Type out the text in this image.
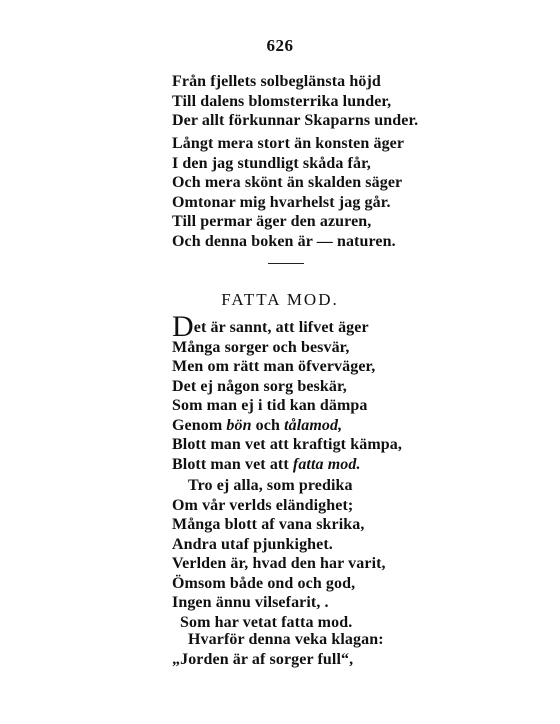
626
Från fjellets solbeglänsta höjd
Till dalens blomsterrika lunder,
Der allt förkunnar Skaparns under.
Långt mera stort än konsten äger
I den jag stundligt skåda får,
Och mera skönt än skalden säger
Omtonar mig hvarhelst jag går.
Till permar äger den azuren,
Och denna boken är — naturen.
FATTA MOD.
Det är sannt, att lifvet äger
Många sorger och besvär,
Men om rätt man öfverväger,
Det ej någon sorg beskär,
Som man ej i tid kan dämpa
Genom bön och tålamod,
Blott man vet att kraftigt kämpa,
Blott man vet att fatta mod.
Tro ej alla, som predika
Om vår verlds eländighet;
Många blott af vana skrika,
Andra utaf pjunkighet.
Verlden är, hvad den har varit,
Ömsom både ond och god,
Ingen ännu vilsefarit, .
Som har vetat fatta mod.
Hvarför denna veka klagan:
„Jorden är af sorger full“,
